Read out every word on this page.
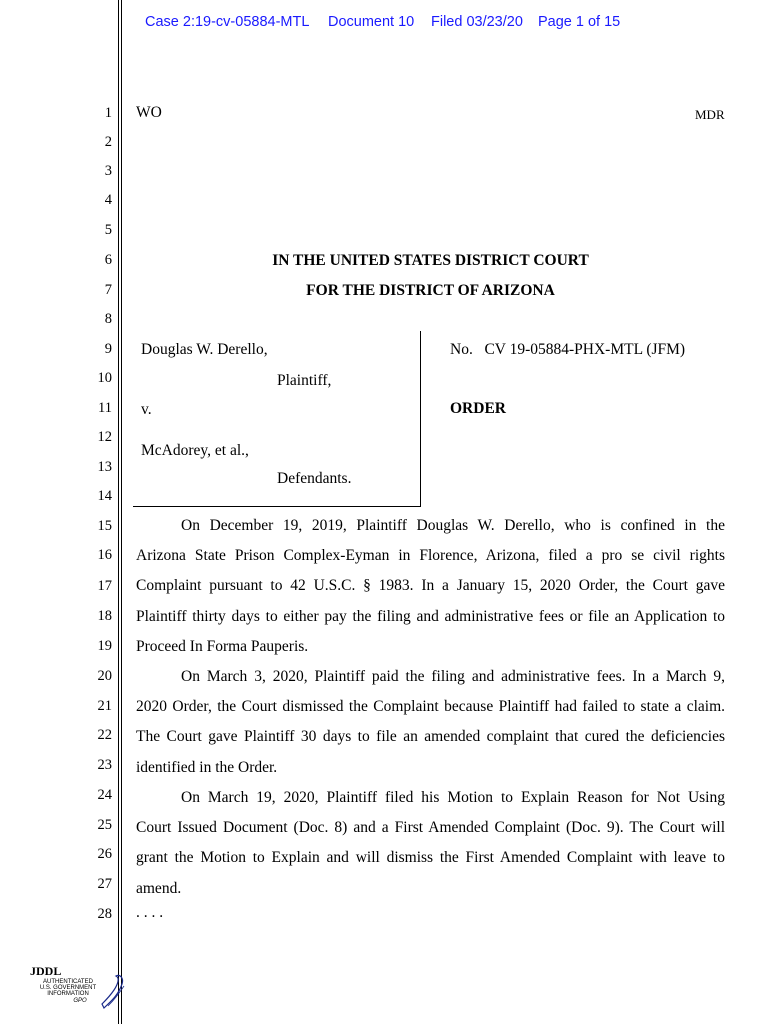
Case 2:19-cv-05884-MTL Document 10 Filed 03/23/20 Page 1 of 15
1
2
3
4
5
6
7
8
9
10
11
12
13
14
15
16
17
18
19
20
21
22
23
24
25
26
27
28
WO	MDR
IN THE UNITED STATES DISTRICT COURT
FOR THE DISTRICT OF ARIZONA
Douglas W. Derello,
Plaintiff,
v.
McAdorey, et al.,
Defendants.
No.   CV 19-05884-PHX-MTL (JFM)
ORDER
On December 19, 2019, Plaintiff Douglas W. Derello, who is confined in the
Arizona State Prison Complex-Eyman in Florence, Arizona, filed a pro se civil rights
Complaint pursuant to 42 U.S.C. § 1983. In a January 15, 2020 Order, the Court gave
Plaintiff thirty days to either pay the filing and administrative fees or file an Application to
Proceed In Forma Pauperis.
On March 3, 2020, Plaintiff paid the filing and administrative fees. In a March 9,
2020 Order, the Court dismissed the Complaint because Plaintiff had failed to state a claim.
The Court gave Plaintiff 30 days to file an amended complaint that cured the deficiencies
identified in the Order.
On March 19, 2020, Plaintiff filed his Motion to Explain Reason for Not Using
Court Issued Document (Doc. 8) and a First Amended Complaint (Doc. 9). The Court will
grant the Motion to Explain and will dismiss the First Amended Complaint with leave to
amend.
. . . .
JDDL
AUTHENTICATED
U.S. GOVERNMENT
INFORMATION
GPO
